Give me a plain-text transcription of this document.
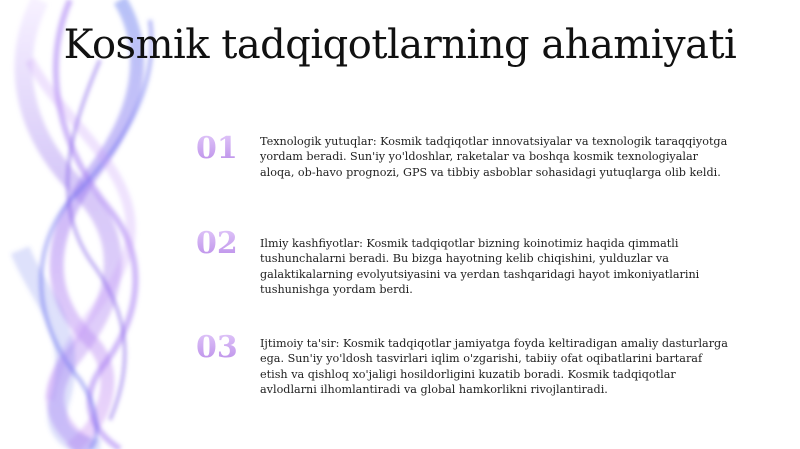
Kosmik tadqiqotlarning ahamiyati
01	Texnologik yutuqlar: Kosmik tadqiqotlar innovatsiyalar va texnologik taraqqiyotga yordam beradi. Sun'iy yo'ldoshlar, raketalar va boshqa kosmik texnologiyalar aloqa, ob-havo prognozi, GPS va tibbiy asboblar sohasidagi yutuqlarga olib keldi.
02	Ilmiy kashfiyotlar: Kosmik tadqiqotlar bizning koinotimiz haqida qimmatli tushunchalarni beradi. Bu bizga hayotning kelib chiqishini, yulduzlar va galaktikalarning evolyutsiyasini va yerdan tashqaridagi hayot imkoniyatlarini tushunishga yordam berdi.
03	Ijtimoiy ta'sir: Kosmik tadqiqotlar jamiyatga foyda keltiradigan amaliy dasturlarga ega. Sun'iy yo'ldosh tasvirlari iqlim o'zgarishi, tabiiy ofat oqibatlarini bartaraf etish va qishloq xo'jaligi hosildorligini kuzatib boradi. Kosmik tadqiqotlar avlodlarni ilhomlantiradi va global hamkorlikni rivojlantiradi.
